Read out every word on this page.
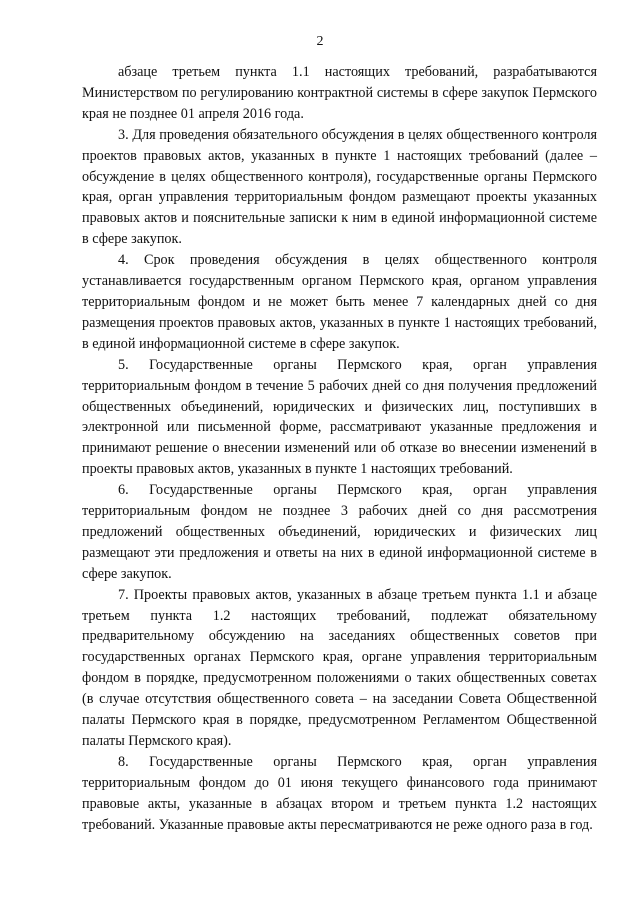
2

абзаце третьем пункта 1.1 настоящих требований, разрабатываются Министерством по регулированию контрактной системы в сфере закупок Пермского края не позднее 01 апреля 2016 года.

3. Для проведения обязательного обсуждения в целях общественного контроля проектов правовых актов, указанных в пункте 1 настоящих требований (далее – обсуждение в целях общественного контроля), государственные органы Пермского края, орган управления территориальным фондом размещают проекты указанных правовых актов и пояснительные записки к ним в единой информационной системе в сфере закупок.

4. Срок проведения обсуждения в целях общественного контроля устанавливается государственным органом Пермского края, органом управления территориальным фондом и не может быть менее 7 календарных дней со дня размещения проектов правовых актов, указанных в пункте 1 настоящих требований, в единой информационной системе в сфере закупок.

5. Государственные органы Пермского края, орган управления территориальным фондом в течение 5 рабочих дней со дня получения предложений общественных объединений, юридических и физических лиц, поступивших в электронной или письменной форме, рассматривают указанные предложения и принимают решение о внесении изменений или об отказе во внесении изменений в проекты правовых актов, указанных в пункте 1 настоящих требований.

6. Государственные органы Пермского края, орган управления территориальным фондом не позднее 3 рабочих дней со дня рассмотрения предложений общественных объединений, юридических и физических лиц размещают эти предложения и ответы на них в единой информационной системе в сфере закупок.

7. Проекты правовых актов, указанных в абзаце третьем пункта 1.1 и абзаце третьем пункта 1.2 настоящих требований, подлежат обязательному предварительному обсуждению на заседаниях общественных советов при государственных органах Пермского края, органе управления территориальным фондом в порядке, предусмотренном положениями о таких общественных советах (в случае отсутствия общественного совета – на заседании Совета Общественной палаты Пермского края в порядке, предусмотренном Регламентом Общественной палаты Пермского края).

8. Государственные органы Пермского края, орган управления территориальным фондом до 01 июня текущего финансового года принимают правовые акты, указанные в абзацах втором и третьем пункта 1.2 настоящих требований. Указанные правовые акты пересматриваются не реже одного раза в год.
